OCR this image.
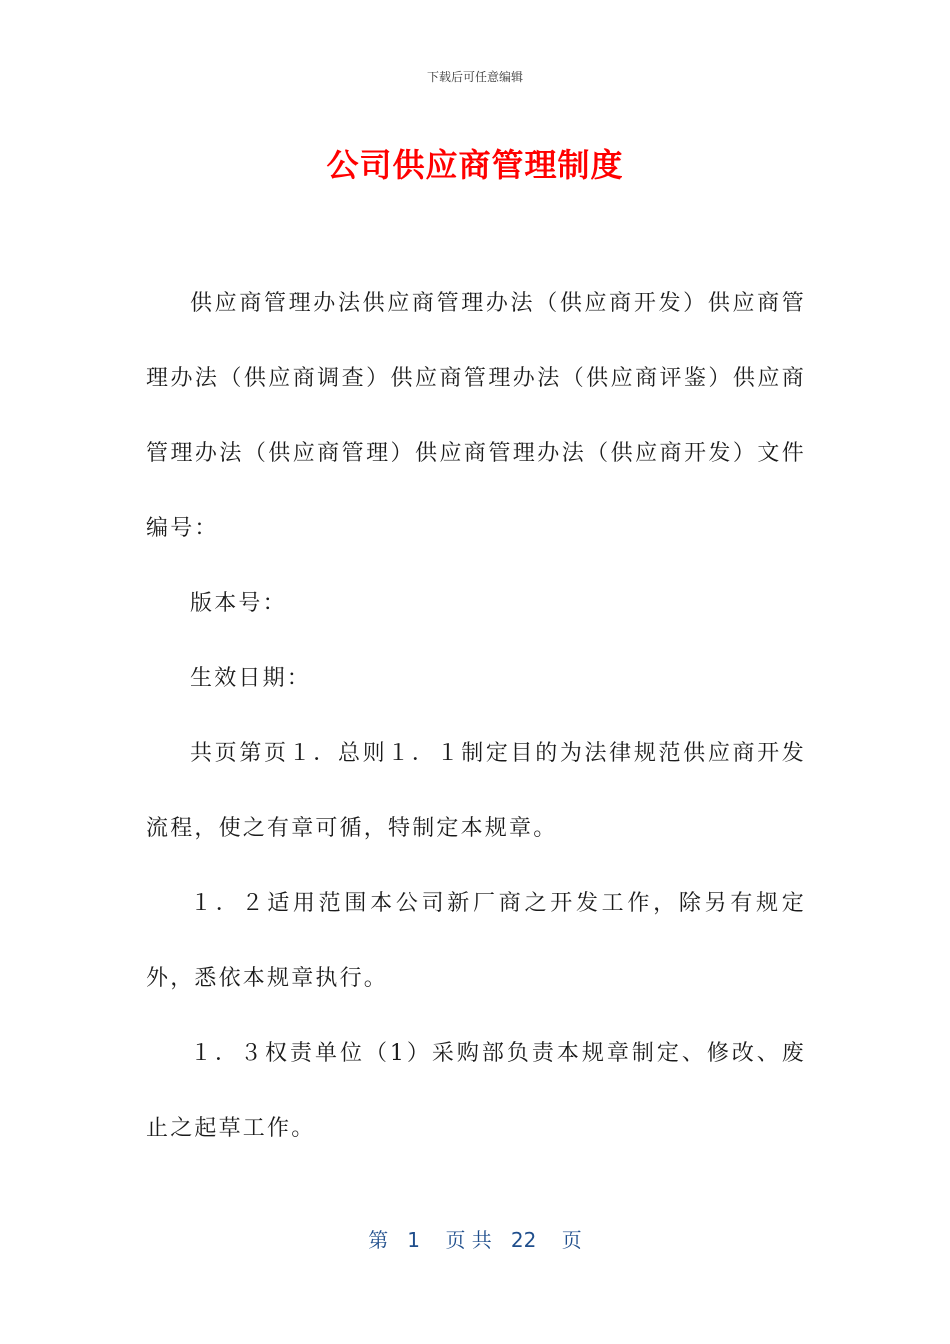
下载后可任意编辑
公司供应商管理制度

供应商管理办法供应商管理办法（供应商开发）供应商管理办法（供应商调查）供应商管理办法（供应商评鉴）供应商管理办法（供应商管理）供应商管理办法（供应商开发）文件编号：

版本号：

生效日期：

共页第页１．总则１．１制定目的为法律规范供应商开发流程，使之有章可循，特制定本规章。

１．２适用范围本公司新厂商之开发工作，除另有规定外，悉依本规章执行。

１．３权责单位（1）采购部负责本规章制定、修改、废止之起草工作。

第 1 页 共 22 页
